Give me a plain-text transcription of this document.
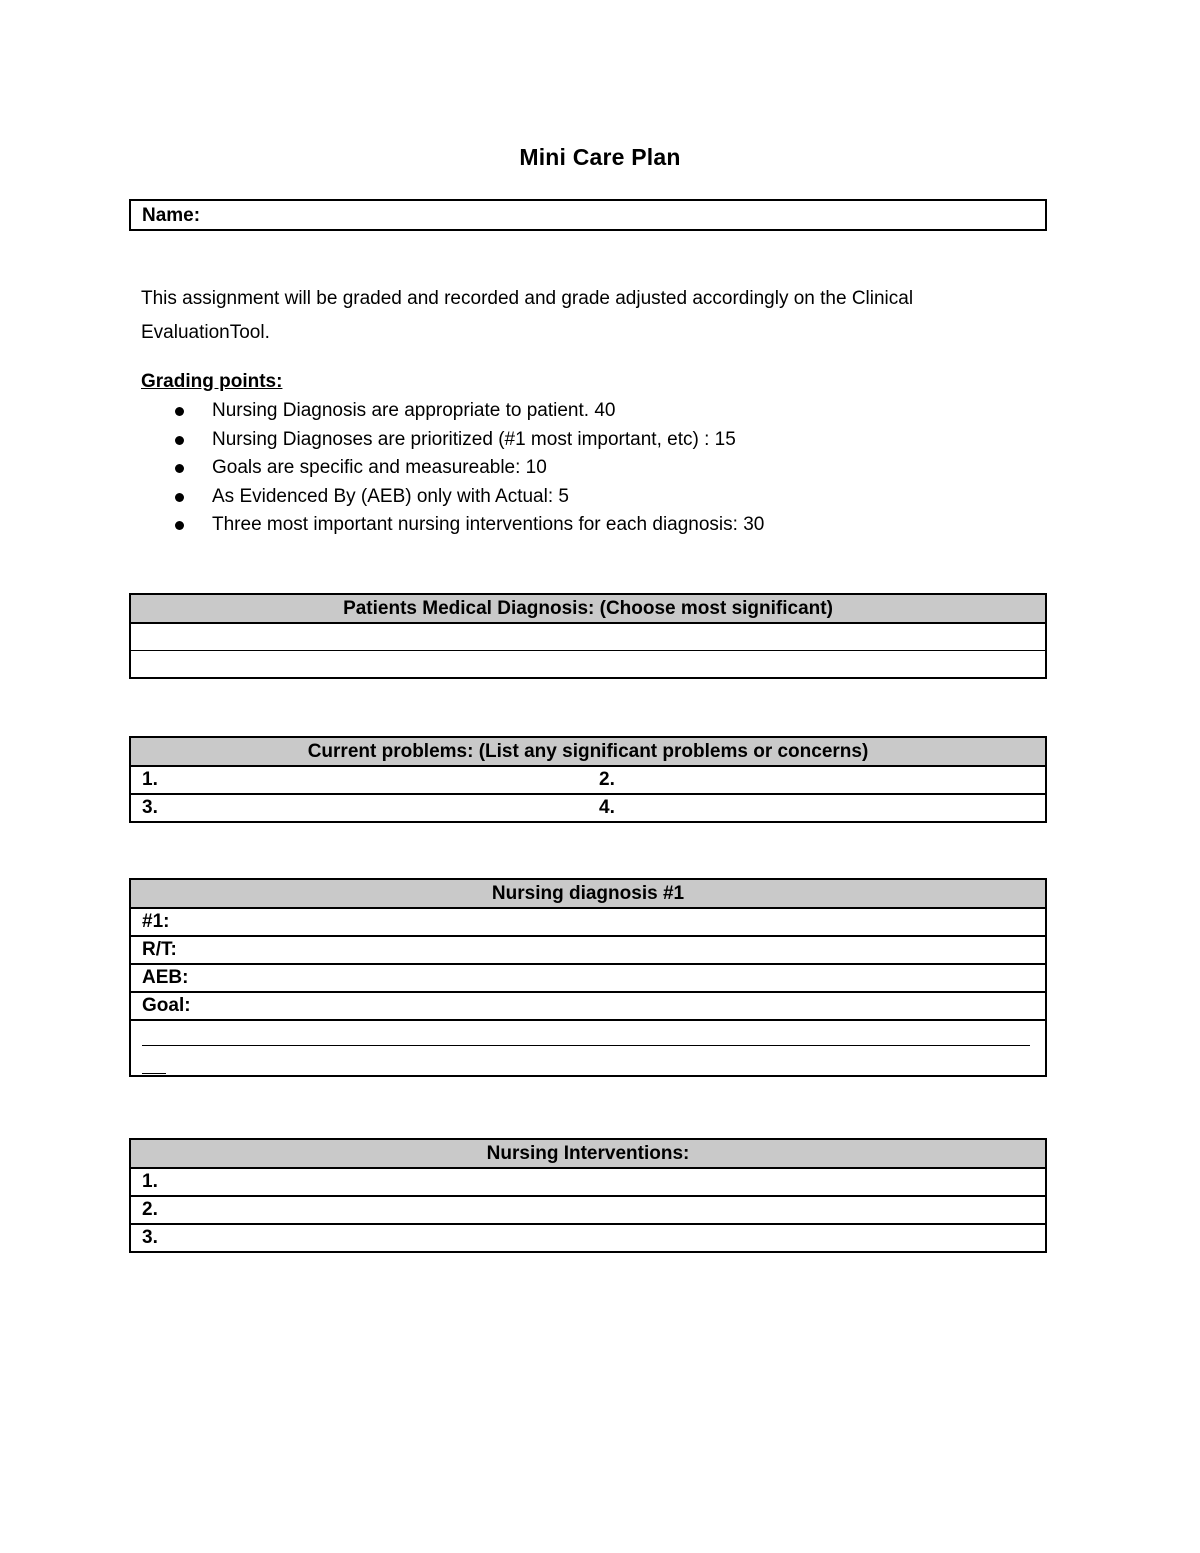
Mini Care Plan
Name:
This assignment will be graded and recorded and grade adjusted accordingly on the Clinical EvaluationTool.
Grading points:
Nursing Diagnosis are appropriate to patient. 40
Nursing Diagnoses are prioritized (#1 most important, etc) : 15
Goals are specific and measureable: 10
As Evidenced By (AEB) only with Actual: 5
Three most important nursing interventions for each diagnosis: 30
Patients Medical Diagnosis: (Choose most significant)

Current problems: (List any significant problems or concerns)	
1.	2.
3.	4.
Nursing diagnosis #1
#1:
R/T:
AEB:
Goal:

Nursing Interventions:
1.
2.
3.
